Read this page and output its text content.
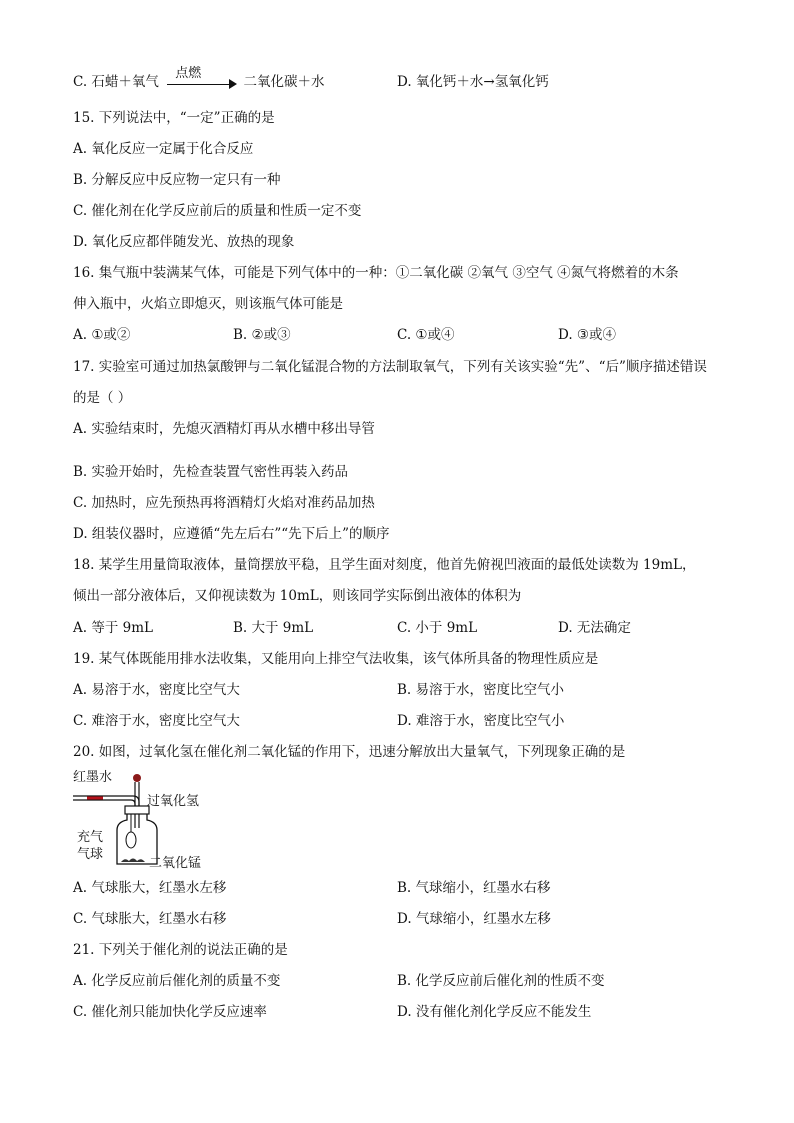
C. 石蜡＋氧气
点燃
二氧化碳＋水	D. 氧化钙＋水→氢氧化钙
15. 下列说法中，“一定”正确的是
A. 氧化反应一定属于化合反应
B. 分解反应中反应物一定只有一种
C. 催化剂在化学反应前后的质量和性质一定不变
D. 氧化反应都伴随发光、放热的现象
16. 集气瓶中装满某气体，可能是下列气体中的一种：①二氧化碳 ②氧气 ③空气 ④氮气将燃着的木条
伸入瓶中，火焰立即熄灭，则该瓶气体可能是
A. ①或②	B. ②或③	C. ①或④	D. ③或④
17. 实验室可通过加热氯酸钾与二氧化锰混合物的方法制取氧气，下列有关该实验“先”、“后”顺序描述错误
的是（ ）
A. 实验结束时，先熄灭酒精灯再从水槽中移出导管
B. 实验开始时，先检查装置气密性再装入药品
C. 加热时，应先预热再将酒精灯火焰对准药品加热
D. 组装仪器时，应遵循“先左后右”“先下后上”的顺序
18. 某学生用量筒取液体，量筒摆放平稳，且学生面对刻度，他首先俯视凹液面的最低处读数为 19mL，
倾出一部分液体后，又仰视读数为 10mL，则该同学实际倒出液体的体积为
A. 等于 9mL	B. 大于 9mL	C. 小于 9mL	D. 无法确定
19. 某气体既能用排水法收集，又能用向上排空气法收集，该气体所具备的物理性质应是
A. 易溶于水，密度比空气大	B. 易溶于水，密度比空气小
C. 难溶于水，密度比空气大	D. 难溶于水，密度比空气小
20. 如图，过氧化氢在催化剂二氧化锰的作用下，迅速分解放出大量氧气，下列现象正确的是
红墨水
过氧化氢
充气
气球
二氧化锰
A. 气球胀大，红墨水左移	B. 气球缩小，红墨水右移
C. 气球胀大，红墨水右移	D. 气球缩小，红墨水左移
21. 下列关于催化剂的说法正确的是
A. 化学反应前后催化剂的质量不变	B. 化学反应前后催化剂的性质不变
C. 催化剂只能加快化学反应速率	D. 没有催化剂化学反应不能发生
